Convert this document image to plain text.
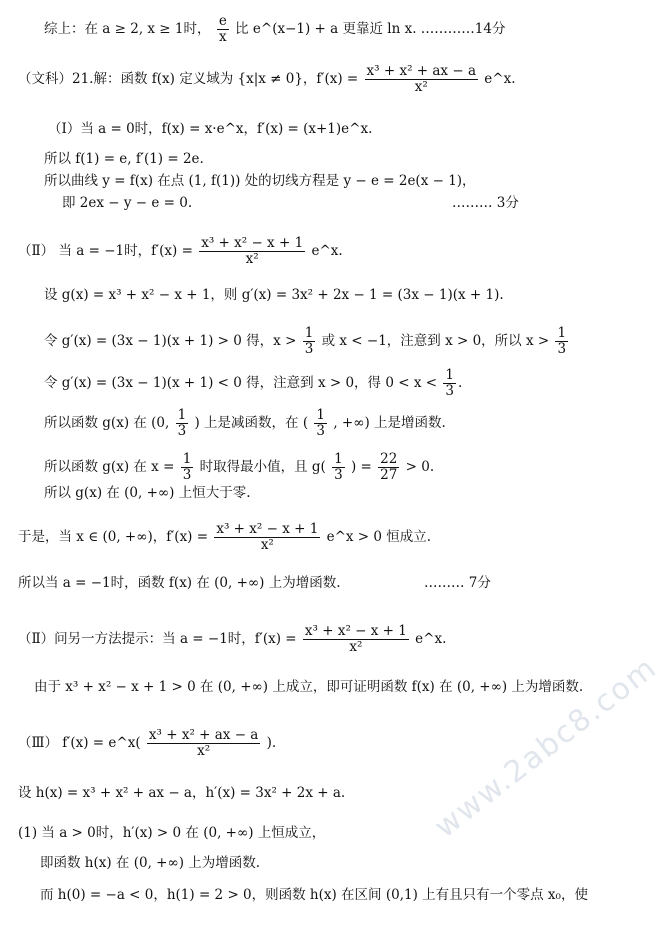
综上：在 a ≥ 2, x ≥ 1时， $\frac{e}{x}$ 比 e^(x−1) + a 更靠近 ln x. …………14分
（文科）21.解：函数 f(x) 定义域为 {x|x ≠ 0}，$f'(x) = \frac{\text{x³ + x² + ax − a}}{\text{x²}}$ e^x.
（Ⅰ）当 a = 0时，f(x) = x·e^x，f′(x) = (x+1)e^x.
所以 f(1) = e, f′(1) = 2e.
所以曲线 y = f(x) 在点 (1, f(1)) 处的切线方程是 y − e = 2e(x − 1)，
即 2ex − y − e = 0.	……… 3分
（Ⅱ） 当 a = −1时，$f'(x) = \frac{\text{x³ + x² − x + 1}}{\text{x²}}$ e^x.
设 g(x) = x³ + x² − x + 1，则 g′(x) = 3x² + 2x − 1 = (3x − 1)(x + 1).
令 g′(x) = (3x − 1)(x + 1) > 0 得，$x > \frac{1}{3}$ 或 x < −1，注意到 x > 0，所以 $x > \frac{1}{3}$
令 g′(x) = (3x − 1)(x + 1) < 0 得，注意到 x > 0，得 $0 < x < \frac{1}{3}$ .
所以函数 g(x) 在 (0, $\frac{1}{3}$ ) 上是减函数，在 ( $\frac{1}{3}$ , +∞) 上是增函数.
所以函数 g(x) 在 $x = \frac{1}{3}$ 时取得最小值，且 $g( \frac{1}{3}$ ) = $\frac{22}{27} > 0$.
所以 g(x) 在 (0, +∞) 上恒大于零.
于是，当 x ∈ (0, +∞)，$f'(x) = \frac{\text{x³ + x² − x + 1}}{\text{x²}}$ e^x > 0 恒成立.
所以当 a = −1时，函数 f(x) 在 (0, +∞) 上为增函数.	……… 7分
（Ⅱ）问另一方法提示：当 a = −1时，$f'(x) = \frac{\text{x³ + x² − x + 1}}{\text{x²}}$ e^x.
由于 x³ + x² − x + 1 > 0 在 (0, +∞) 上成立，即可证明函数 f(x) 在 (0, +∞) 上为增函数.
（Ⅲ） f′(x) = e^x( $\frac{\text{x³ + x² + ax − a}}{\text{x²}}$ ).
设 h(x) = x³ + x² + ax − a，h′(x) = 3x² + 2x + a.
(1) 当 a > 0时，h′(x) > 0 在 (0, +∞) 上恒成立，
即函数 h(x) 在 (0, +∞) 上为增函数.
而 h(0) = −a < 0，h(1) = 2 > 0，则函数 h(x) 在区间 (0,1) 上有且只有一个零点 x₀，使
www.2abc8.com
